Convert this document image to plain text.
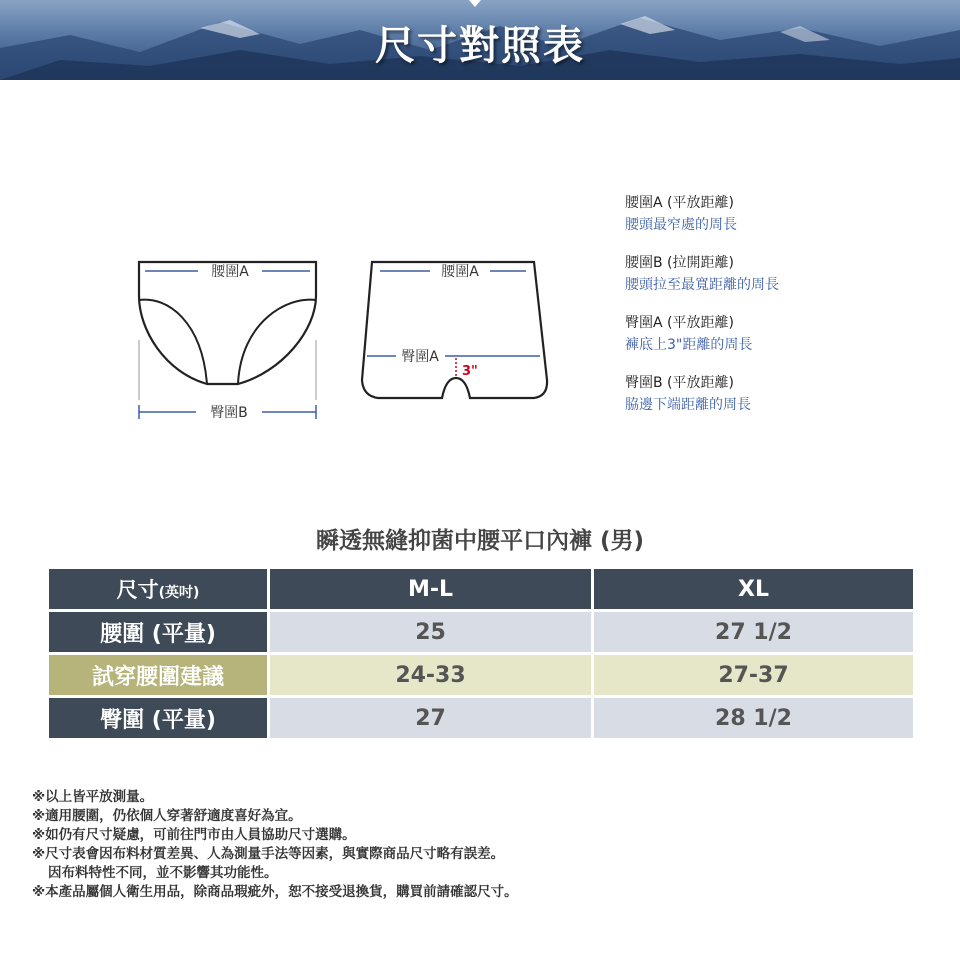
尺寸對照表
腰圍A
臀圍B
腰圍A
臀圍A
3"
腰圍A (平放距離)
腰頭最窄處的周長
腰圍B (拉開距離)
腰頭拉至最寬距離的周長
臀圍A (平放距離)
褲底上3"距離的周長
臀圍B (平放距離)
脇邊下端距離的周長
瞬透無縫抑菌中腰平口內褲 (男)
尺寸(英吋)	M-L	XL
腰圍 (平量)	25	27 1/2
試穿腰圍建議	24-33	27-37
臀圍 (平量)	27	28 1/2
※以上皆平放測量。
※適用腰圍，仍依個人穿著舒適度喜好為宜。
※如仍有尺寸疑慮，可前往門市由人員協助尺寸選購。
※尺寸表會因布料材質差異、人為測量手法等因素，與實際商品尺寸略有誤差。
因布料特性不同，並不影響其功能性。
※本產品屬個人衛生用品，除商品瑕疵外，恕不接受退換貨，購買前請確認尺寸。
